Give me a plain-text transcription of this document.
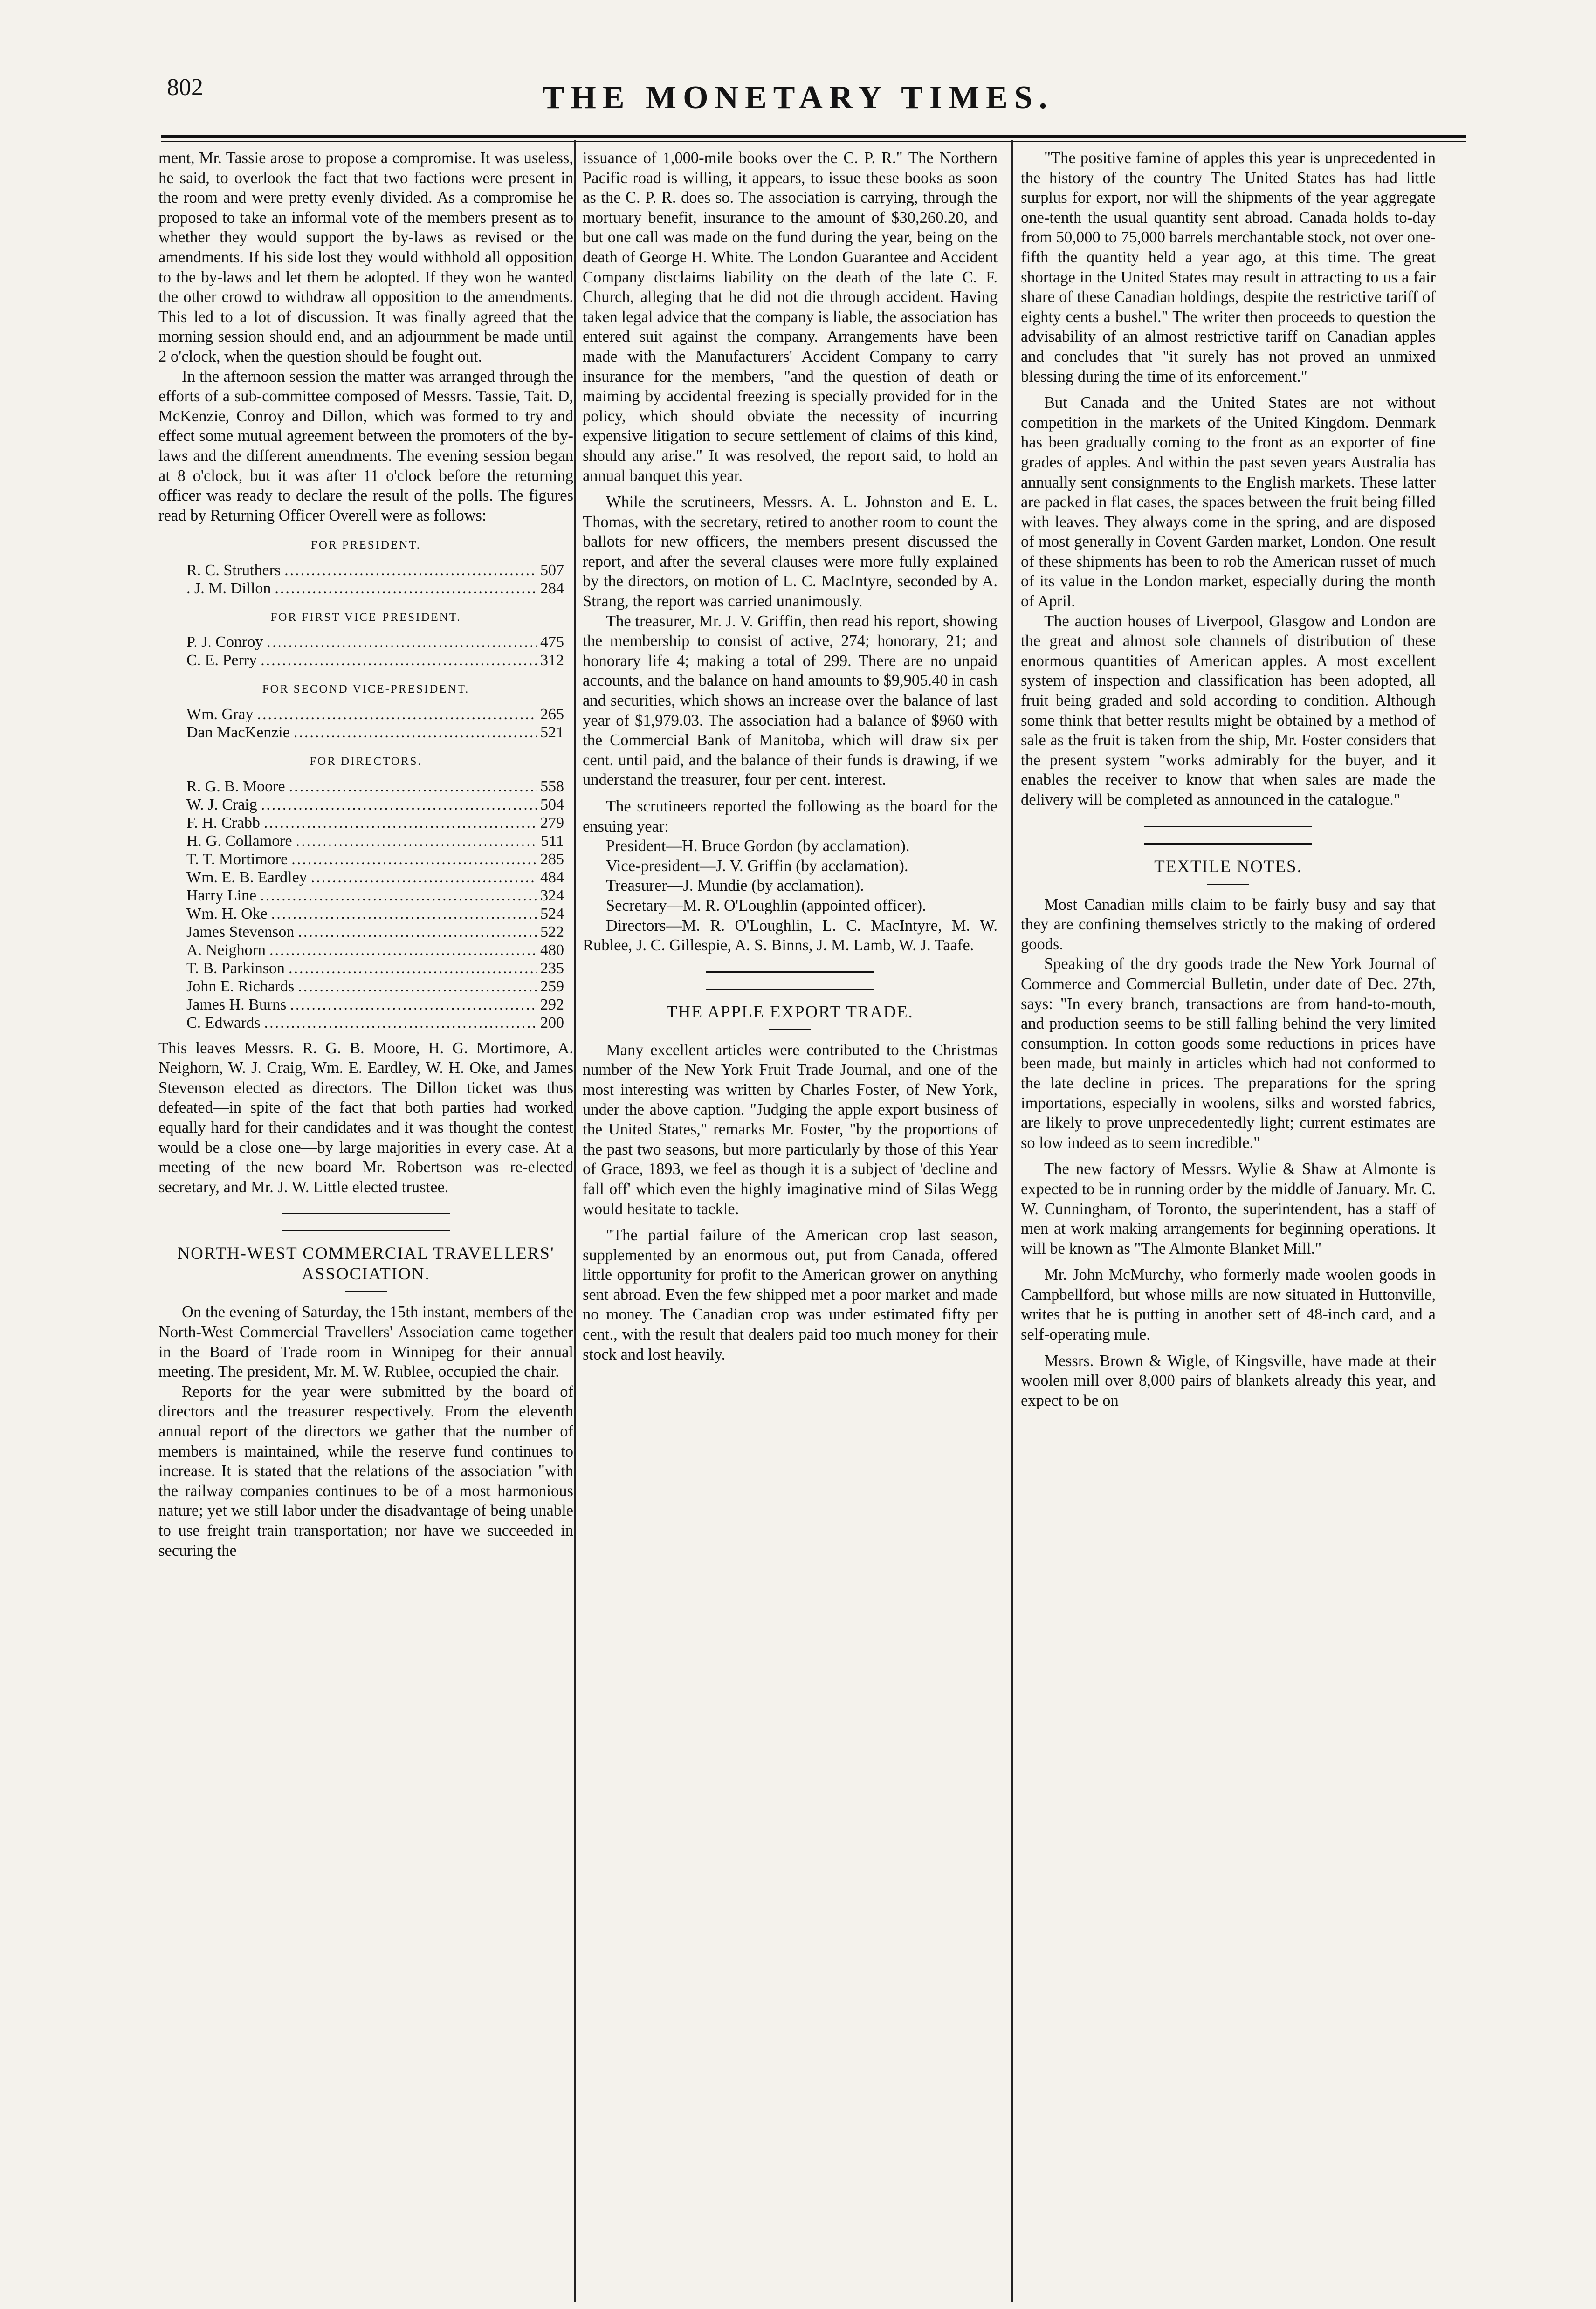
802	THE MONETARY TIMES.

ment, Mr. Tassie arose to propose a compromise. It was useless, he said, to overlook the fact that two factions were present in the room and were pretty evenly divided. As a compromise he proposed to take an informal vote of the members present as to whether they would support the by-laws as revised or the amendments. If his side lost they would withhold all opposition to the by-laws and let them be adopted. If they won he wanted the other crowd to withdraw all opposition to the amendments. This led to a lot of discussion. It was finally agreed that the morning session should end, and an adjournment be made until 2 o'clock, when the question should be fought out.

In the afternoon session the matter was arranged through the efforts of a sub-committee composed of Messrs. Tassie, Tait. D, McKenzie, Conroy and Dillon, which was formed to try and effect some mutual agreement between the promoters of the by-laws and the different amendments. The evening session began at 8 o'clock, but it was after 11 o'clock before the returning officer was ready to declare the result of the polls. The figures read by Returning Officer Overell were as follows:

FOR PRESIDENT.
R. C. Struthers .....	507
. J. M. Dillon .....	284
FOR FIRST VICE-PRESIDENT.
P. J. Conroy .....	475
C. E. Perry .....	312
FOR SECOND VICE-PRESIDENT.
Wm. Gray .....	265
Dan MacKenzie .....	521
FOR DIRECTORS.
R. G. B. Moore .....	558
W. J. Craig .....	504
F. H. Crabb .....	279
H. G. Collamore .....	511
T. T. Mortimore .....	285
Wm. E. B. Eardley .....	484
Harry Line .....	324
Wm. H. Oke .....	524
James Stevenson .....	522
A. Neighorn .....	480
T. B. Parkinson .....	235
John E. Richards .....	259
James H. Burns .....	292
C. Edwards .....	200

This leaves Messrs. R. G. B. Moore, H. G. Mortimore, A. Neighorn, W. J. Craig, Wm. E. Eardley, W. H. Oke, and James Stevenson elected as directors. The Dillon ticket was thus defeated—in spite of the fact that both parties had worked equally hard for their candidates and it was thought the contest would be a close one—by large majorities in every case. At a meeting of the new board Mr. Robertson was re-elected secretary, and Mr. J. W. Little elected trustee.

NORTH-WEST COMMERCIAL TRAVELLERS' ASSOCIATION.

On the evening of Saturday, the 15th instant, members of the North-West Commercial Travellers' Association came together in the Board of Trade room in Winnipeg for their annual meeting. The president, Mr. M. W. Rublee, occupied the chair.

Reports for the year were submitted by the board of directors and the treasurer respectively. From the eleventh annual report of the directors we gather that the number of members is maintained, while the reserve fund continues to increase. It is stated that the relations of the association "with the railway companies continues to be of a most harmonious nature; yet we still labor under the disadvantage of being unable to use freight train transportation; nor have we succeeded in securing the

issuance of 1,000-mile books over the C. P. R." The Northern Pacific road is willing, it appears, to issue these books as soon as the C. P. R. does so. The association is carrying, through the mortuary benefit, insurance to the amount of $30,260.20, and but one call was made on the fund during the year, being on the death of George H. White. The London Guarantee and Accident Company disclaims liability on the death of the late C. F. Church, alleging that he did not die through accident. Having taken legal advice that the company is liable, the association has entered suit against the company. Arrangements have been made with the Manufacturers' Accident Company to carry insurance for the members, "and the question of death or maiming by accidental freezing is specially provided for in the policy, which should obviate the necessity of incurring expensive litigation to secure settlement of claims of this kind, should any arise." It was resolved, the report said, to hold an annual banquet this year.

While the scrutineers, Messrs. A. L. Johnston and E. L. Thomas, with the secretary, retired to another room to count the ballots for new officers, the members present discussed the report, and after the several clauses were more fully explained by the directors, on motion of L. C. MacIntyre, seconded by A. Strang, the report was carried unanimously.

The treasurer, Mr. J. V. Griffin, then read his report, showing the membership to consist of active, 274; honorary, 21; and honorary life 4; making a total of 299. There are no unpaid accounts, and the balance on hand amounts to $9,905.40 in cash and securities, which shows an increase over the balance of last year of $1,979.03. The association had a balance of $960 with the Commercial Bank of Manitoba, which will draw six per cent. until paid, and the balance of their funds is drawing, if we understand the treasurer, four per cent. interest.

The scrutineers reported the following as the board for the ensuing year:

President—H. Bruce Gordon (by acclamation).

Vice-president—J. V. Griffin (by acclamation).

Treasurer—J. Mundie (by acclamation).

Secretary—M. R. O'Loughlin (appointed officer).

Directors—M. R. O'Loughlin, L. C. MacIntyre, M. W. Rublee, J. C. Gillespie, A. S. Binns, J. M. Lamb, W. J. Taafe.

THE APPLE EXPORT TRADE.

Many excellent articles were contributed to the Christmas number of the New York Fruit Trade Journal, and one of the most interesting was written by Charles Foster, of New York, under the above caption. "Judging the apple export business of the United States," remarks Mr. Foster, "by the proportions of the past two seasons, but more particularly by those of this Year of Grace, 1893, we feel as though it is a subject of 'decline and fall off' which even the highly imaginative mind of Silas Wegg would hesitate to tackle.

"The partial failure of the American crop last season, supplemented by an enormous out, put from Canada, offered little opportunity for profit to the American grower on anything sent abroad. Even the few shipped met a poor market and made no money. The Canadian crop was under estimated fifty per cent., with the result that dealers paid too much money for their stock and lost heavily.

"The positive famine of apples this year is unprecedented in the history of the country The United States has had little surplus for export, nor will the shipments of the year aggregate one-tenth the usual quantity sent abroad. Canada holds to-day from 50,000 to 75,000 barrels merchantable stock, not over one-fifth the quantity held a year ago, at this time. The great shortage in the United States may result in attracting to us a fair share of these Canadian holdings, despite the restrictive tariff of eighty cents a bushel." The writer then proceeds to question the advisability of an almost restrictive tariff on Canadian apples and concludes that "it surely has not proved an unmixed blessing during the time of its enforcement."

But Canada and the United States are not without competition in the markets of the United Kingdom. Denmark has been gradually coming to the front as an exporter of fine grades of apples. And within the past seven years Australia has annually sent consignments to the English markets. These latter are packed in flat cases, the spaces between the fruit being filled with leaves. They always come in the spring, and are disposed of most generally in Covent Garden market, London. One result of these shipments has been to rob the American russet of much of its value in the London market, especially during the month of April.

The auction houses of Liverpool, Glasgow and London are the great and almost sole channels of distribution of these enormous quantities of American apples. A most excellent system of inspection and classification has been adopted, all fruit being graded and sold according to condition. Although some think that better results might be obtained by a method of sale as the fruit is taken from the ship, Mr. Foster considers that the present system "works admirably for the buyer, and it enables the receiver to know that when sales are made the delivery will be completed as announced in the catalogue."

TEXTILE NOTES.

Most Canadian mills claim to be fairly busy and say that they are confining themselves strictly to the making of ordered goods.

Speaking of the dry goods trade the New York Journal of Commerce and Commercial Bulletin, under date of Dec. 27th, says: "In every branch, transactions are from hand-to-mouth, and production seems to be still falling behind the very limited consumption. In cotton goods some reductions in prices have been made, but mainly in articles which had not conformed to the late decline in prices. The preparations for the spring importations, especially in woolens, silks and worsted fabrics, are likely to prove unprecedentedly light; current estimates are so low indeed as to seem incredible."

The new factory of Messrs. Wylie & Shaw at Almonte is expected to be in running order by the middle of January. Mr. C. W. Cunningham, of Toronto, the superintendent, has a staff of men at work making arrangements for beginning operations. It will be known as "The Almonte Blanket Mill."

Mr. John McMurchy, who formerly made woolen goods in Campbellford, but whose mills are now situated in Huttonville, writes that he is putting in another sett of 48-inch card, and a self-operating mule.

Messrs. Brown & Wigle, of Kingsville, have made at their woolen mill over 8,000 pairs of blankets already this year, and expect to be on
